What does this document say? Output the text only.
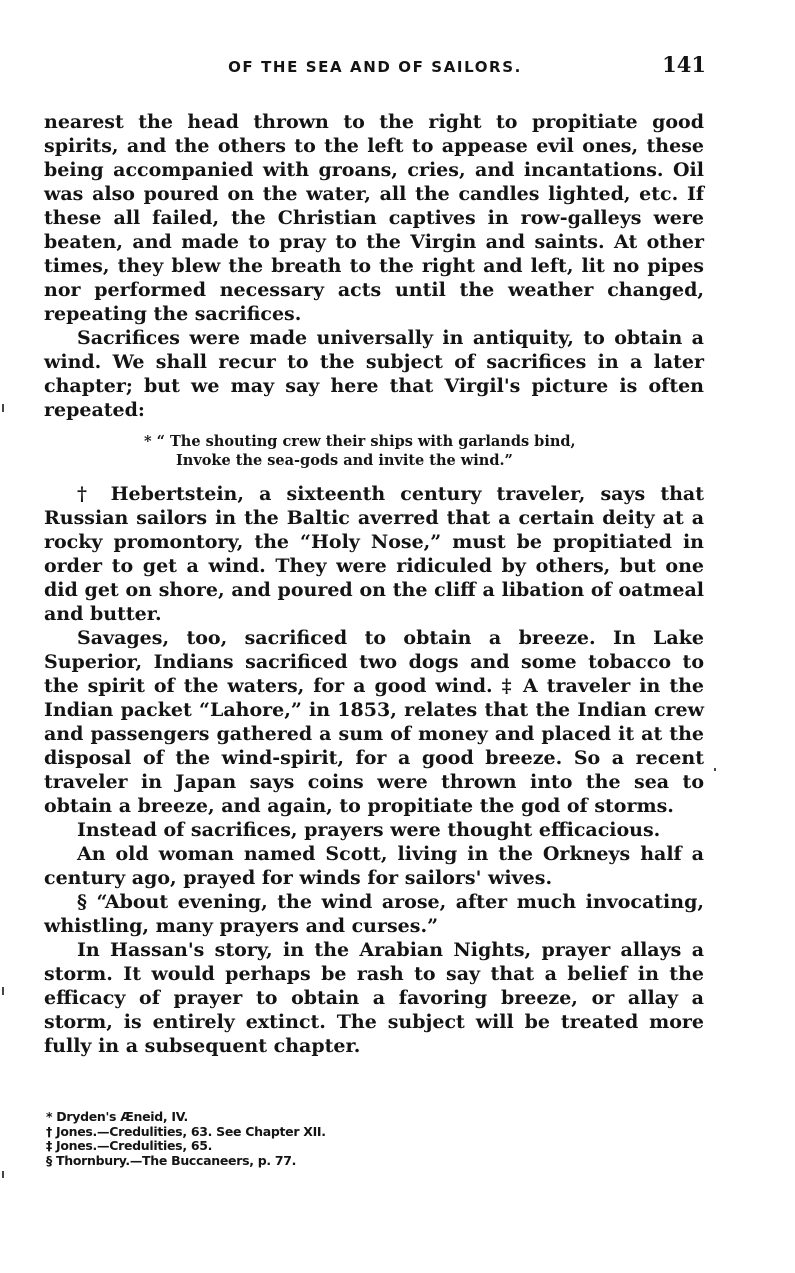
OF THE SEA AND OF SAILORS.	141

nearest the head thrown to the right to propitiate good spirits, and the others to the left to appease evil ones, these being accompanied with groans, cries, and incantations. Oil was also poured on the water, all the candles lighted, etc. If these all failed, the Christian captives in row-galleys were beaten, and made to pray to the Virgin and saints. At other times, they blew the breath to the right and left, lit no pipes nor performed necessary acts until the weather changed, repeating the sacrifices.

Sacrifices were made universally in antiquity, to obtain a wind. We shall recur to the subject of sacrifices in a later chapter; but we may say here that Virgil's picture is often repeated:

* “ The shouting crew their ships with garlands bind,
Invoke the sea-gods and invite the wind.”

† Hebertstein, a sixteenth century traveler, says that Russian sailors in the Baltic averred that a certain deity at a rocky promontory, the “Holy Nose,” must be propitiated in order to get a wind. They were ridiculed by others, but one did get on shore, and poured on the cliff a libation of oatmeal and butter.

Savages, too, sacrificed to obtain a breeze. In Lake Superior, Indians sacrificed two dogs and some tobacco to the spirit of the waters, for a good wind. ‡ A traveler in the Indian packet “Lahore,” in 1853, relates that the Indian crew and passengers gathered a sum of money and placed it at the disposal of the wind-spirit, for a good breeze. So a recent traveler in Japan says coins were thrown into the sea to obtain a breeze, and again, to propitiate the god of storms.

Instead of sacrifices, prayers were thought efficacious.

An old woman named Scott, living in the Orkneys half a century ago, prayed for winds for sailors' wives.

§ “About evening, the wind arose, after much invocating, whistling, many prayers and curses.”

In Hassan's story, in the Arabian Nights, prayer allays a storm. It would perhaps be rash to say that a belief in the efficacy of prayer to obtain a favoring breeze, or allay a storm, is entirely extinct. The subject will be treated more fully in a subsequent chapter.

* Dryden's Æneid, IV.
† Jones.—Credulities, 63. See Chapter XII.
‡ Jones.—Credulities, 65.
§ Thornbury.—The Buccaneers, p. 77.
